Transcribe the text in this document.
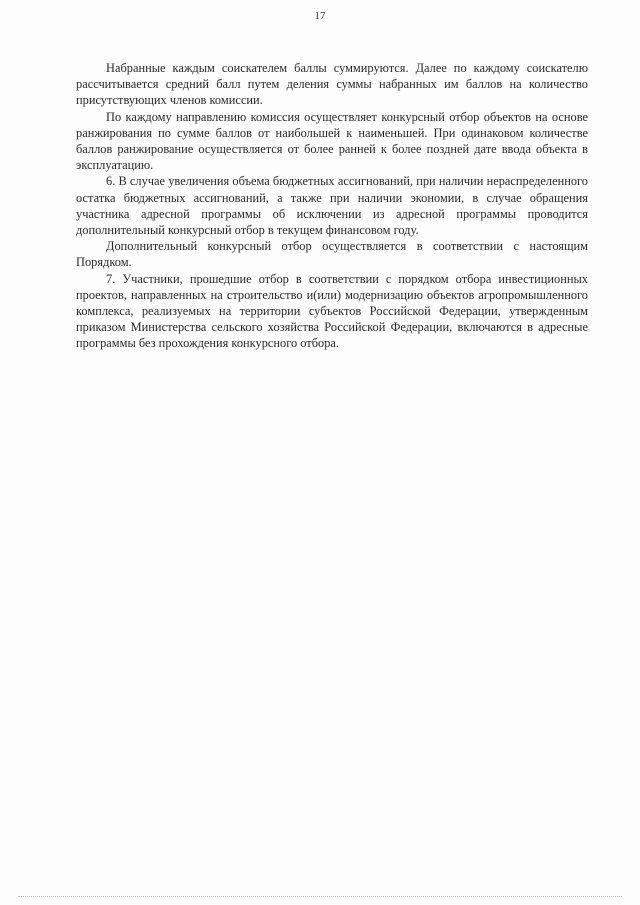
17

Набранные каждым соискателем баллы суммируются. Далее по каждому соискателю рассчитывается средний балл путем деления суммы набранных им баллов на количество присутствующих членов комиссии.

По каждому направлению комиссия осуществляет конкурсный отбор объектов на основе ранжирования по сумме баллов от наибольшей к наименьшей. При одинаковом количестве баллов ранжирование осуществляется от более ранней к более поздней дате ввода объекта в эксплуатацию.

6. В случае увеличения объема бюджетных ассигнований, при наличии нераспределенного остатка бюджетных ассигнований, а также при наличии экономии, в случае обращения участника адресной программы об исключении из адресной программы проводится дополнительный конкурсный отбор в текущем финансовом году.

Дополнительный конкурсный отбор осуществляется в соответствии с настоящим Порядком.

7. Участники, прошедшие отбор в соответствии с порядком отбора инвестиционных проектов, направленных на строительство и(или) модернизацию объектов агропромышленного комплекса, реализуемых на территории субъектов Российской Федерации, утвержденным приказом Министерства сельского хозяйства Российской Федерации, включаются в адресные программы без прохождения конкурсного отбора.
